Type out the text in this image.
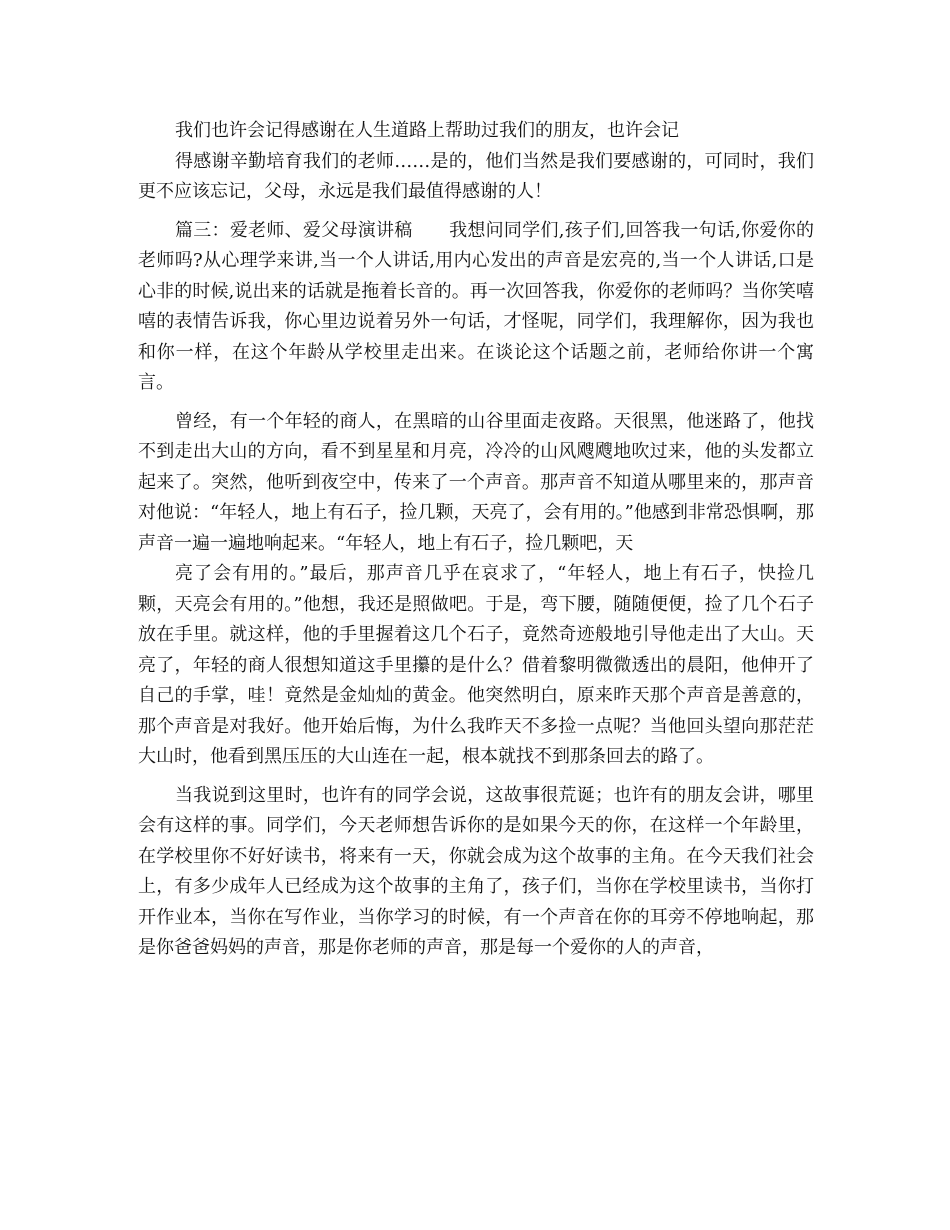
我们也许会记得感谢在人生道路上帮助过我们的朋友，也许会记

得感谢辛勤培育我们的老师……是的，他们当然是我们要感谢的，可同时，我们更不应该忘记，父母，永远是我们最值得感谢的人！

篇三：爱老师、爱父母演讲稿　　我想问同学们,孩子们,回答我一句话,你爱你的老师吗?从心理学来讲,当一个人讲话,用内心发出的声音是宏亮的,当一个人讲话,口是心非的时候,说出来的话就是拖着长音的。再一次回答我，你爱你的老师吗？当你笑嘻嘻的表情告诉我，你心里边说着另外一句话，才怪呢，同学们，我理解你，因为我也和你一样，在这个年龄从学校里走出来。在谈论这个话题之前，老师给你讲一个寓言。

曾经，有一个年轻的商人，在黑暗的山谷里面走夜路。天很黑，他迷路了，他找不到走出大山的方向，看不到星星和月亮，冷冷的山风飕飕地吹过来，他的头发都立起来了。突然，他听到夜空中，传来了一个声音。那声音不知道从哪里来的，那声音对他说：“年轻人，地上有石子，捡几颗，天亮了，会有用的。”他感到非常恐惧啊，那声音一遍一遍地响起来。“年轻人，地上有石子，捡几颗吧，天

亮了会有用的。”最后，那声音几乎在哀求了，“年轻人，地上有石子，快捡几颗，天亮会有用的。”他想，我还是照做吧。于是，弯下腰，随随便便，捡了几个石子放在手里。就这样，他的手里握着这几个石子，竟然奇迹般地引导他走出了大山。天亮了，年轻的商人很想知道这手里攥的是什么？借着黎明微微透出的晨阳，他伸开了自己的手掌，哇！竟然是金灿灿的黄金。他突然明白，原来昨天那个声音是善意的，那个声音是对我好。他开始后悔，为什么我昨天不多捡一点呢？当他回头望向那茫茫大山时，他看到黑压压的大山连在一起，根本就找不到那条回去的路了。

当我说到这里时，也许有的同学会说，这故事很荒诞；也许有的朋友会讲，哪里会有这样的事。同学们，今天老师想告诉你的是如果今天的你，在这样一个年龄里，在学校里你不好好读书，将来有一天，你就会成为这个故事的主角。在今天我们社会上，有多少成年人已经成为这个故事的主角了，孩子们，当你在学校里读书，当你打开作业本，当你在写作业，当你学习的时候，有一个声音在你的耳旁不停地响起，那是你爸爸妈妈的声音，那是你老师的声音，那是每一个爱你的人的声音，
